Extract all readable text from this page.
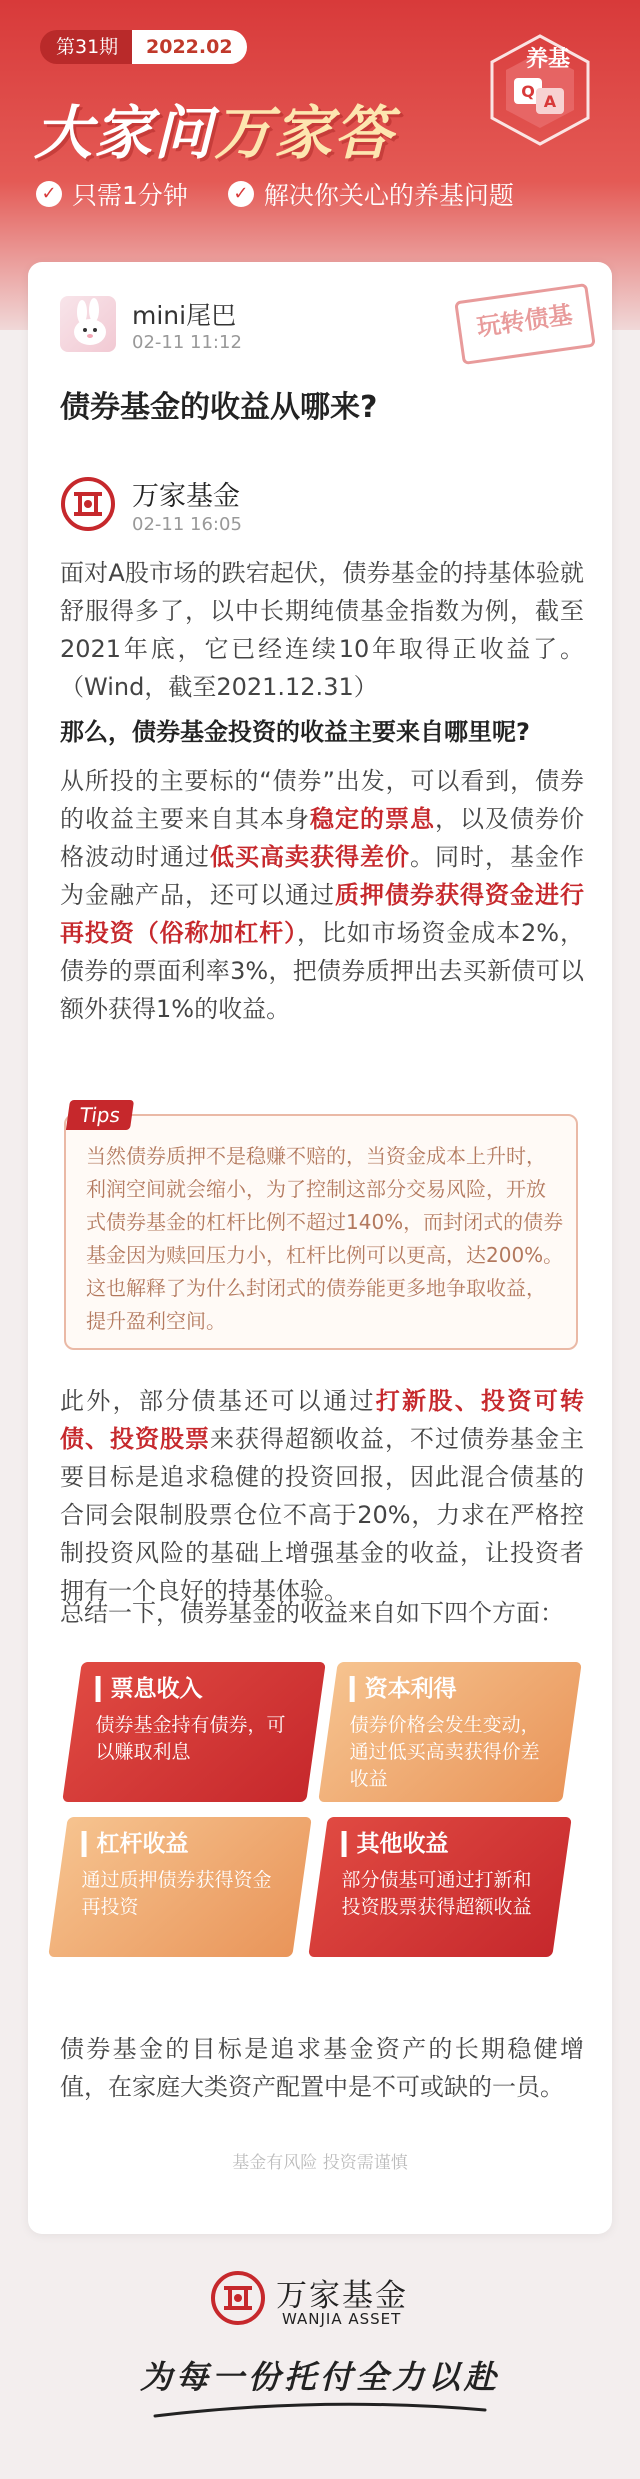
第31期	2022.02
大家问万家答
✓ 只需1分钟	✓ 解决你关心的养基问题
Q
A
养基
mini尾巴
02-11 11:12
玩转债基
债券基金的收益从哪来?
万家基金
02-11 16:05
面对A股市场的跌宕起伏，债券基金的持基体验就舒服得多了，以中长期纯债基金指数为例，截至2021年底，它已经连续10年取得正收益了。（Wind，截至2021.12.31）
那么，债券基金投资的收益主要来自哪里呢?
从所投的主要标的“债券”出发，可以看到，债券的收益主要来自其本身稳定的票息，以及债券价格波动时通过低买高卖获得差价。同时，基金作为金融产品，还可以通过质押债券获得资金进行再投资（俗称加杠杆），比如市场资金成本2%，债券的票面利率3%，把债券质押出去买新债可以额外获得1%的收益。
Tips
当然债券质押不是稳赚不赔的，当资金成本上升时，利润空间就会缩小，为了控制这部分交易风险，开放式债券基金的杠杆比例不超过140%，而封闭式的债券基金因为赎回压力小，杠杆比例可以更高，达200%。这也解释了为什么封闭式的债券能更多地争取收益，提升盈利空间。
此外，部分债基还可以通过打新股、投资可转债、投资股票来获得超额收益，不过债券基金主要目标是追求稳健的投资回报，因此混合债基的合同会限制股票仓位不高于20%，力求在严格控制投资风险的基础上增强基金的收益，让投资者拥有一个良好的持基体验。
总结一下，债券基金的收益来自如下四个方面：
票息收入
债券基金持有债券，可以赚取利息
资本利得
债券价格会发生变动，通过低买高卖获得价差收益
杠杆收益
通过质押债券获得资金再投资
其他收益
部分债基可通过打新和投资股票获得超额收益
债券基金的目标是追求基金资产的长期稳健增值，在家庭大类资产配置中是不可或缺的一员。
基金有风险 投资需谨慎
万家基金
WANJIA ASSET
为每一份托付全力以赴
